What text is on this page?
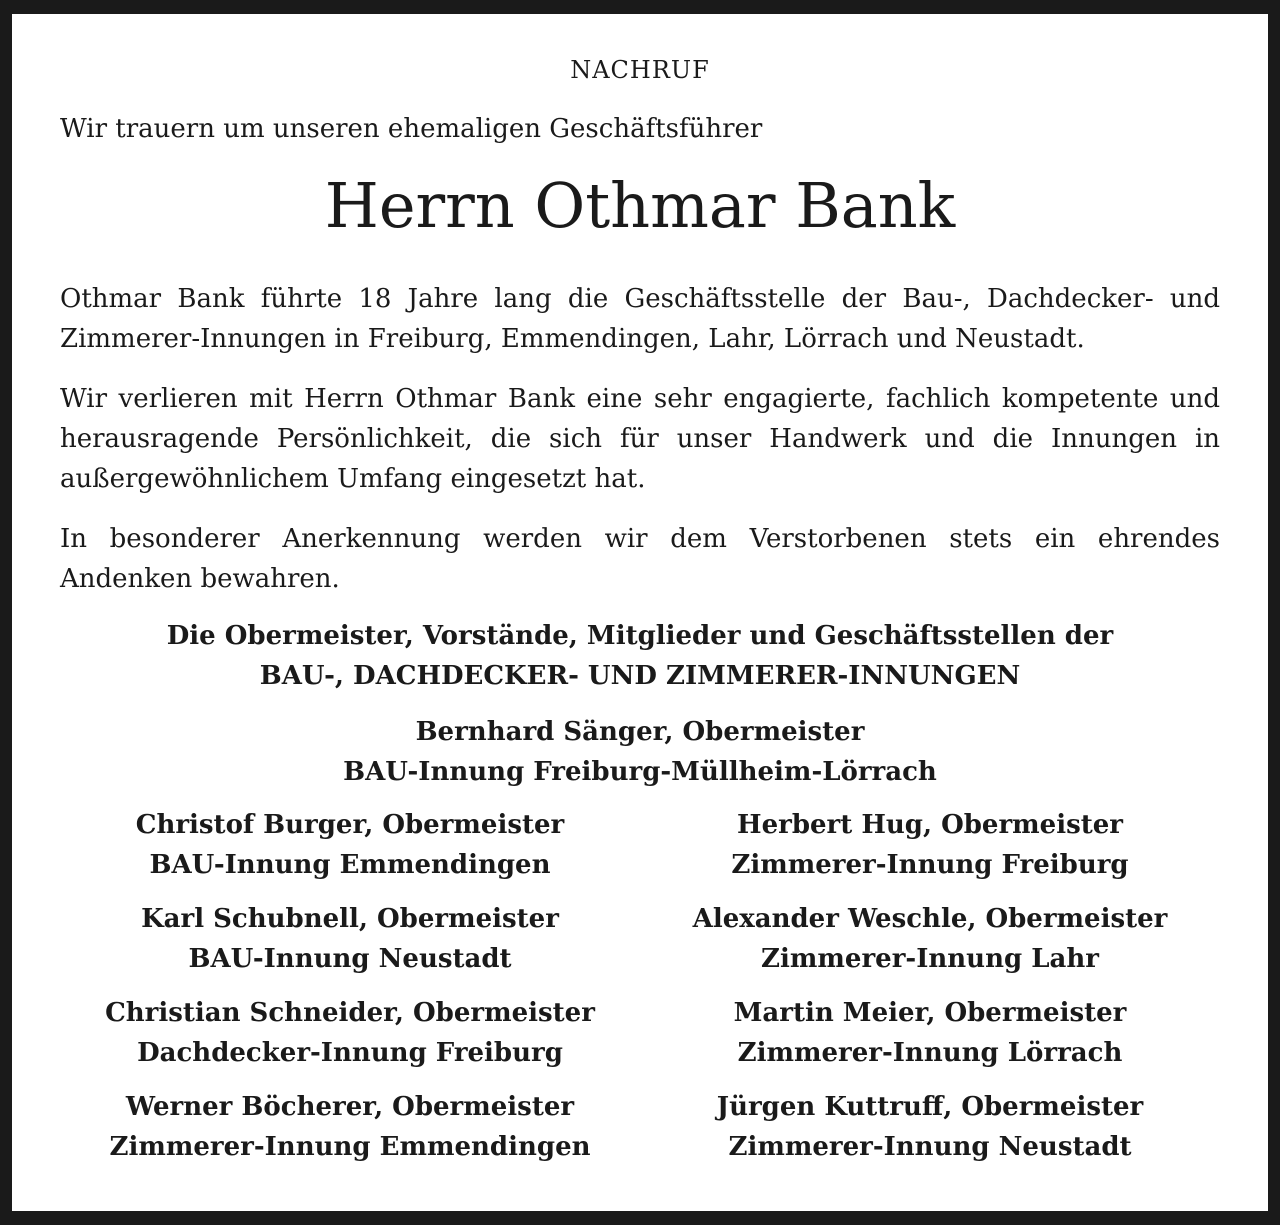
NACHRUF
Wir trauern um unseren ehemaligen Geschäftsführer
Herrn Othmar Bank
Othmar Bank führte 18 Jahre lang die Geschäftsstelle der Bau-, Dachdecker- und Zimmerer-Innungen in Freiburg, Emmendingen, Lahr, Lörrach und Neustadt.
Wir verlieren mit Herrn Othmar Bank eine sehr engagierte, fachlich kompetente und herausragende Persönlichkeit, die sich für unser Handwerk und die Innungen in außergewöhnlichem Umfang eingesetzt hat.
In besonderer Anerkennung werden wir dem Verstorbenen stets ein ehrendes Andenken bewahren.
Die Obermeister, Vorstände, Mitglieder und Geschäftsstellen der
BAU-, DACHDECKER- UND ZIMMERER-INNUNGEN
Bernhard Sänger, Obermeister
BAU-Innung Freiburg-Müllheim-Lörrach
Christof Burger, Obermeister
BAU-Innung Emmendingen
Herbert Hug, Obermeister
Zimmerer-Innung Freiburg
Karl Schubnell, Obermeister
BAU-Innung Neustadt
Alexander Weschle, Obermeister
Zimmerer-Innung Lahr
Christian Schneider, Obermeister
Dachdecker-Innung Freiburg
Martin Meier, Obermeister
Zimmerer-Innung Lörrach
Werner Böcherer, Obermeister
Zimmerer-Innung Emmendingen
Jürgen Kuttruff, Obermeister
Zimmerer-Innung Neustadt
